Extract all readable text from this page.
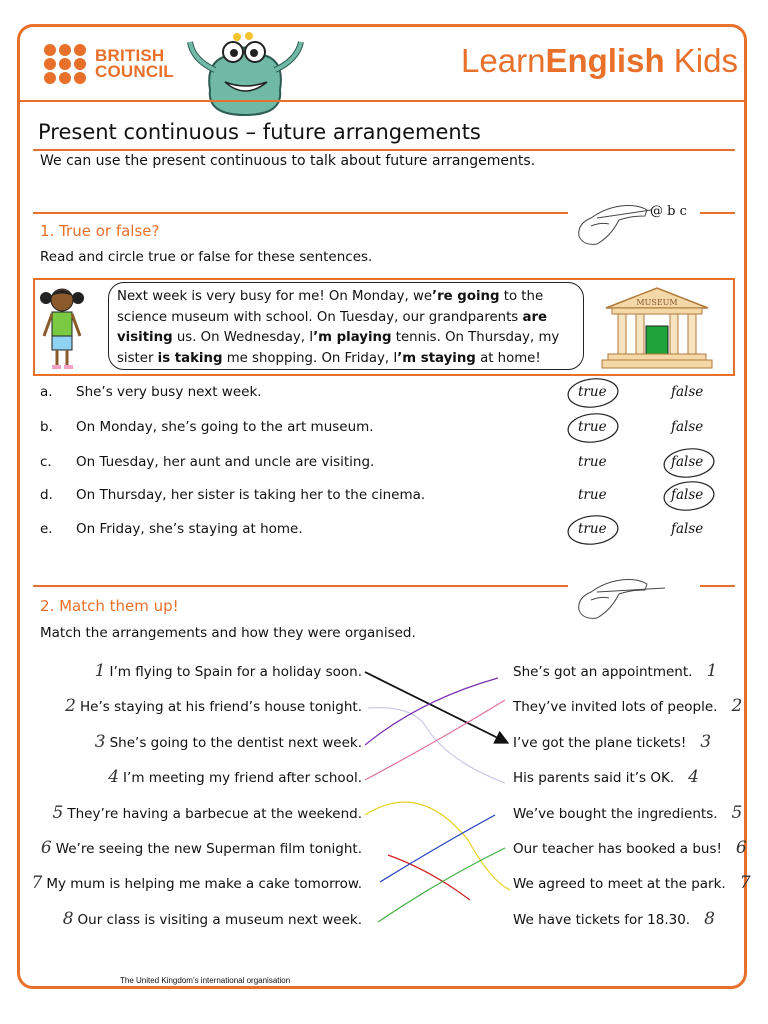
BRITISH
COUNCIL	LearnEnglish Kids
Present continuous – future arrangements
We can use the present continuous to talk about future arrangements.
@ b c
1. True or false?
Read and circle true or false for these sentences.
Next week is very busy for me! On Monday, we’re going to the science museum with school. On Tuesday, our grandparents are visiting us. On Wednesday, I’m playing tennis. On Thursday, my sister is taking me shopping. On Friday, I’m staying at home!
MUSEUM
a. She’s very busy next week.	true	false
b. On Monday, she’s going to the art museum.	true	false
c. On Tuesday, her aunt and uncle are visiting.	true	false
d. On Thursday, her sister is taking her to the cinema.	true	false
e. On Friday, she’s staying at home.	true	false
2. Match them up!
Match the arrangements and how they were organised.
1 I’m flying to Spain for a holiday soon.
2 He’s staying at his friend’s house tonight.
3 She’s going to the dentist next week.
4 I’m meeting my friend after school.
5 They’re having a barbecue at the weekend.
6 We’re seeing the new Superman film tonight.
7 My mum is helping me make a cake tomorrow.
8 Our class is visiting a museum next week.
She’s got an appointment. 1
They’ve invited lots of people. 2
I’ve got the plane tickets! 3
His parents said it’s OK. 4
We’ve bought the ingredients. 5
Our teacher has booked a bus! 6
We agreed to meet at the park. 7
We have tickets for 18.30. 8
The United Kingdom’s international organisation
